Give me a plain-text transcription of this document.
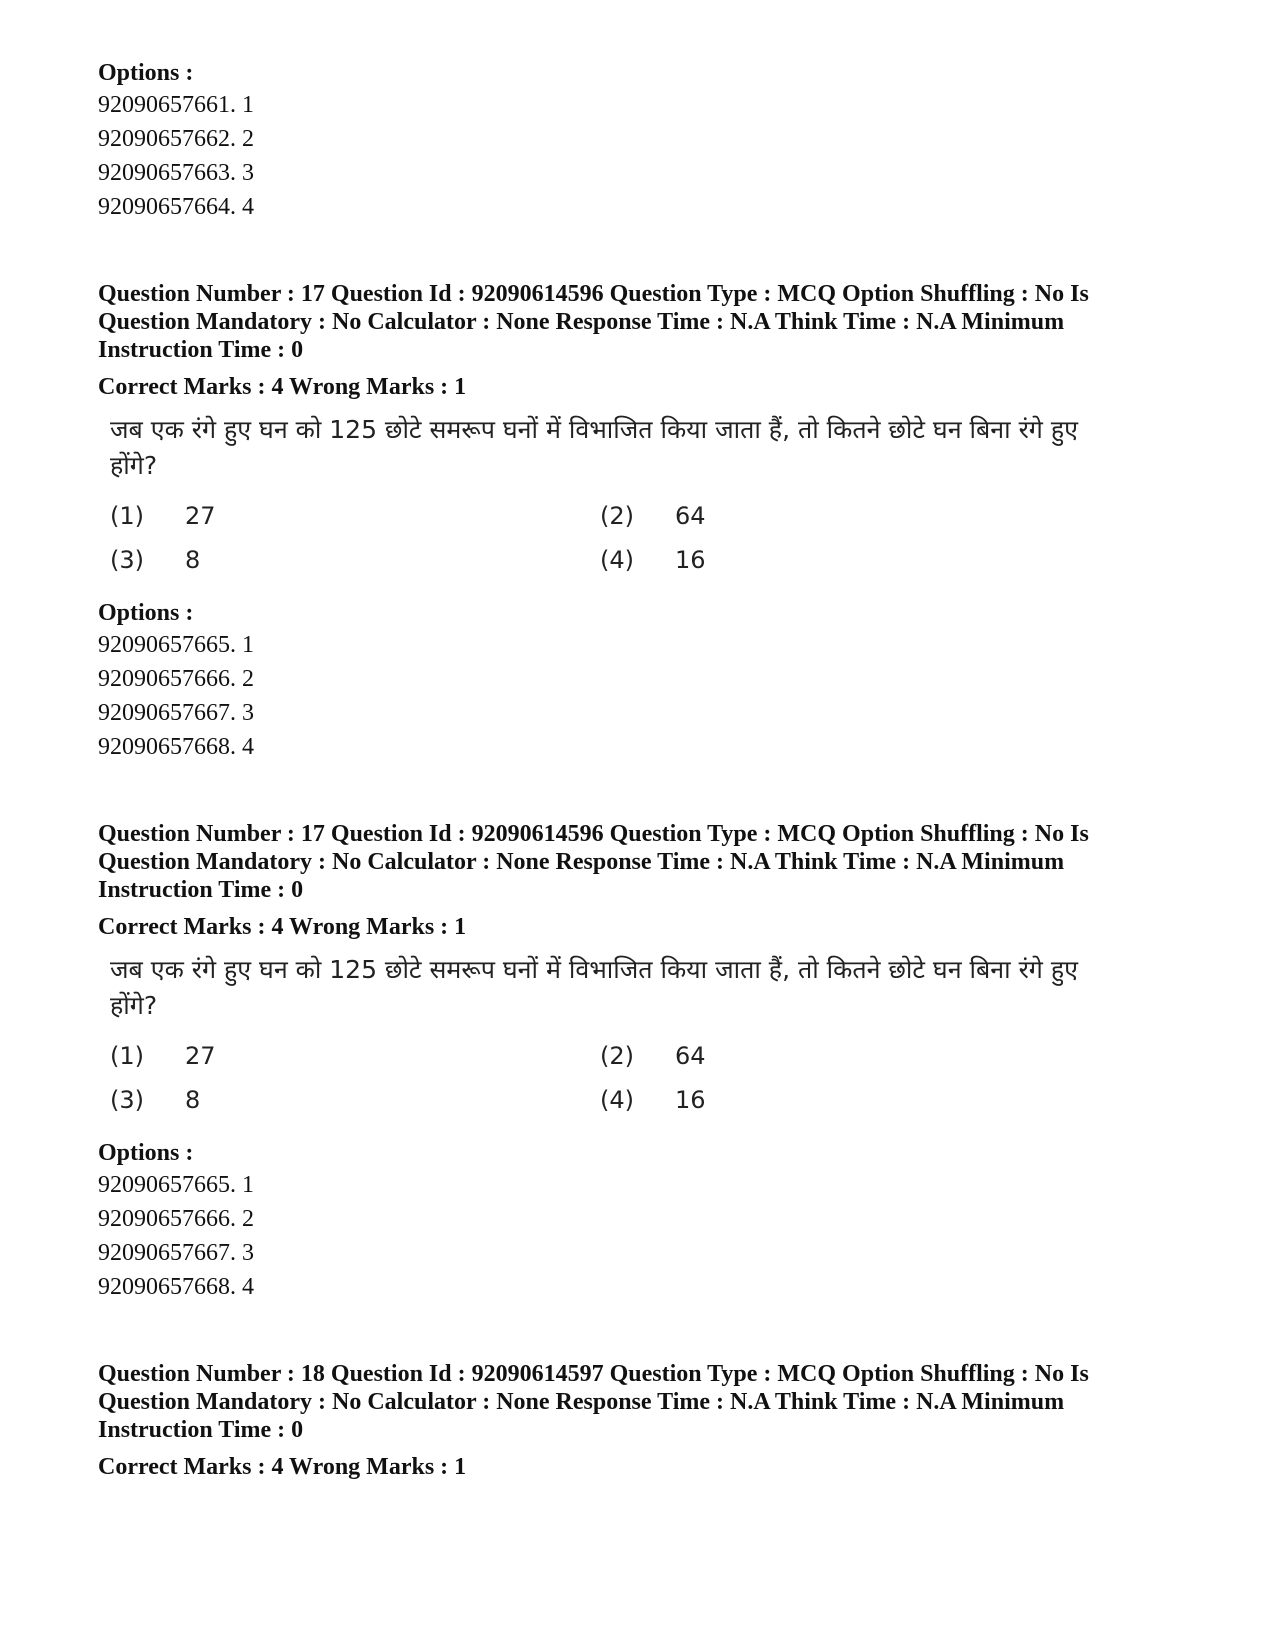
Options :
92090657661. 1
92090657662. 2
92090657663. 3
92090657664. 4
Question Number : 17 Question Id : 92090614596 Question Type : MCQ Option Shuffling : No Is
Question Mandatory : No Calculator : None Response Time : N.A Think Time : N.A Minimum
Instruction Time : 0
Correct Marks : 4 Wrong Marks : 1
जब एक रंगे हुए घन को 125 छोटे समरूप घनों में विभाजित किया जाता हैं, तो कितने छोटे घन बिना रंगे हुए होंगे?
(1)	27	(2)	64
(3)	8	(4)	16
Options :
92090657665. 1
92090657666. 2
92090657667. 3
92090657668. 4
Question Number : 17 Question Id : 92090614596 Question Type : MCQ Option Shuffling : No Is
Question Mandatory : No Calculator : None Response Time : N.A Think Time : N.A Minimum
Instruction Time : 0
Correct Marks : 4 Wrong Marks : 1
जब एक रंगे हुए घन को 125 छोटे समरूप घनों में विभाजित किया जाता हैं, तो कितने छोटे घन बिना रंगे हुए होंगे?
(1)	27	(2)	64
(3)	8	(4)	16
Options :
92090657665. 1
92090657666. 2
92090657667. 3
92090657668. 4
Question Number : 18 Question Id : 92090614597 Question Type : MCQ Option Shuffling : No Is
Question Mandatory : No Calculator : None Response Time : N.A Think Time : N.A Minimum
Instruction Time : 0
Correct Marks : 4 Wrong Marks : 1
